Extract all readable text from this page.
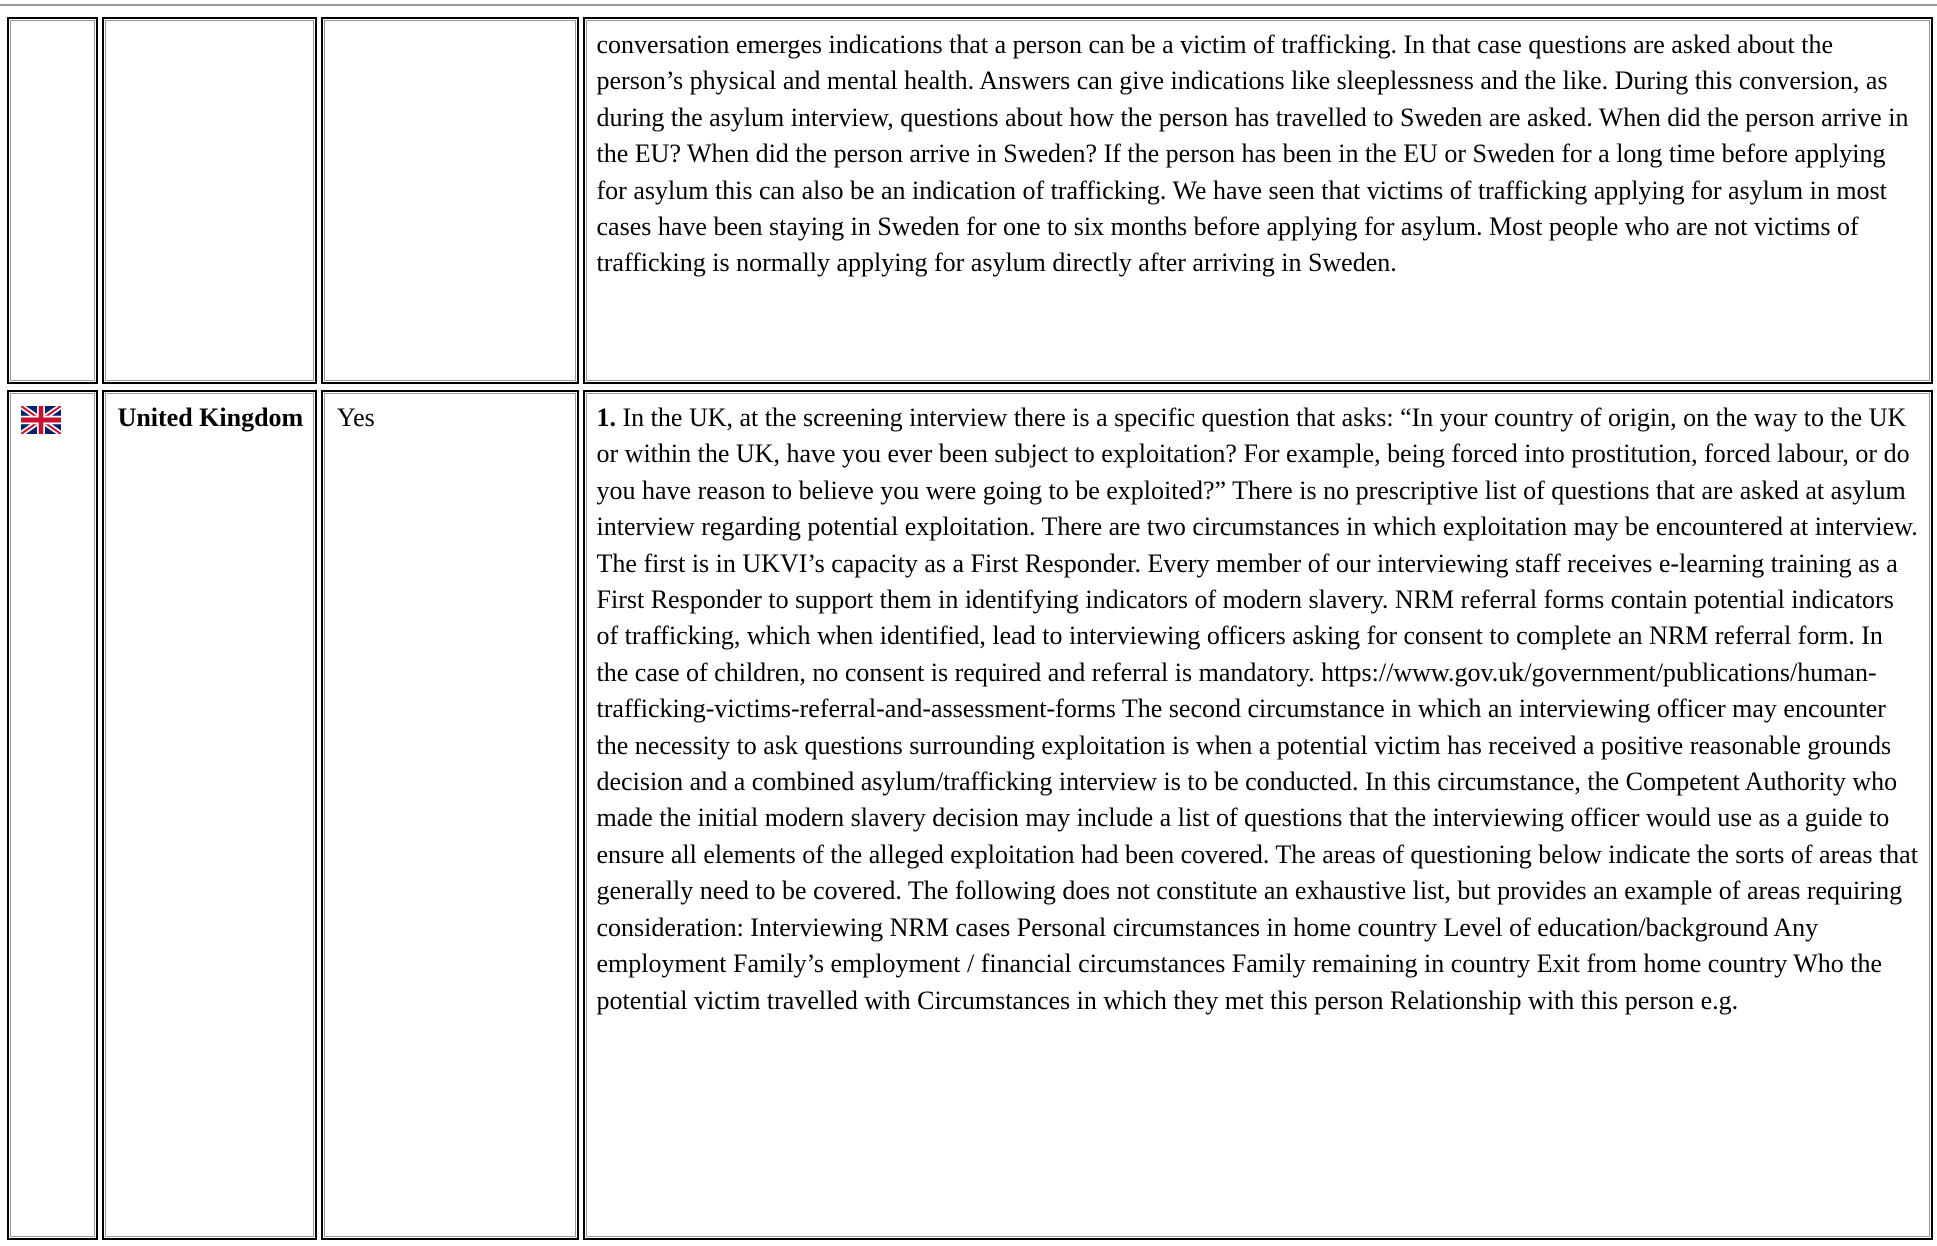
			conversation emerges indications that a person can be a victim of trafficking. In that case questions are asked about the person’s physical and mental health. Answers can give indications like sleeplessness and the like. During this conversion, as during the asylum interview, questions about how the person has travelled to Sweden are asked. When did the person arrive in the EU? When did the person arrive in Sweden? If the person has been in the EU or Sweden for a long time before applying for asylum this can also be an indication of trafficking. We have seen that victims of trafficking applying for asylum in most cases have been staying in Sweden for one to six months before applying for asylum. Most people who are not victims of trafficking is normally applying for asylum directly after arriving in Sweden.

	United Kingdom	Yes	1. In the UK, at the screening interview there is a specific question that asks: “In your country of origin, on the way to the UK or within the UK, have you ever been subject to exploitation? For example, being forced into prostitution, forced labour, or do you have reason to believe you were going to be exploited?” There is no prescriptive list of questions that are asked at asylum interview regarding potential exploitation. There are two circumstances in which exploitation may be encountered at interview. The first is in UKVI’s capacity as a First Responder. Every member of our interviewing staff receives e-learning training as a First Responder to support them in identifying indicators of modern slavery. NRM referral forms contain potential indicators of trafficking, which when identified, lead to interviewing officers asking for consent to complete an NRM referral form. In the case of children, no consent is required and referral is mandatory. https://www.gov.uk/government/publications/human-trafficking-victims-referral-and-assessment-forms The second circumstance in which an interviewing officer may encounter the necessity to ask questions surrounding exploitation is when a potential victim has received a positive reasonable grounds decision and a combined asylum/trafficking interview is to be conducted. In this circumstance, the Competent Authority who made the initial modern slavery decision may include a list of questions that the interviewing officer would use as a guide to ensure all elements of the alleged exploitation had been covered. The areas of questioning below indicate the sorts of areas that generally need to be covered. The following does not constitute an exhaustive list, but provides an example of areas requiring consideration: Interviewing NRM cases Personal circumstances in home country Level of education/background Any employment Family’s employment / financial circumstances Family remaining in country Exit from home country Who the potential victim travelled with Circumstances in which they met this person Relationship with this person e.g.
